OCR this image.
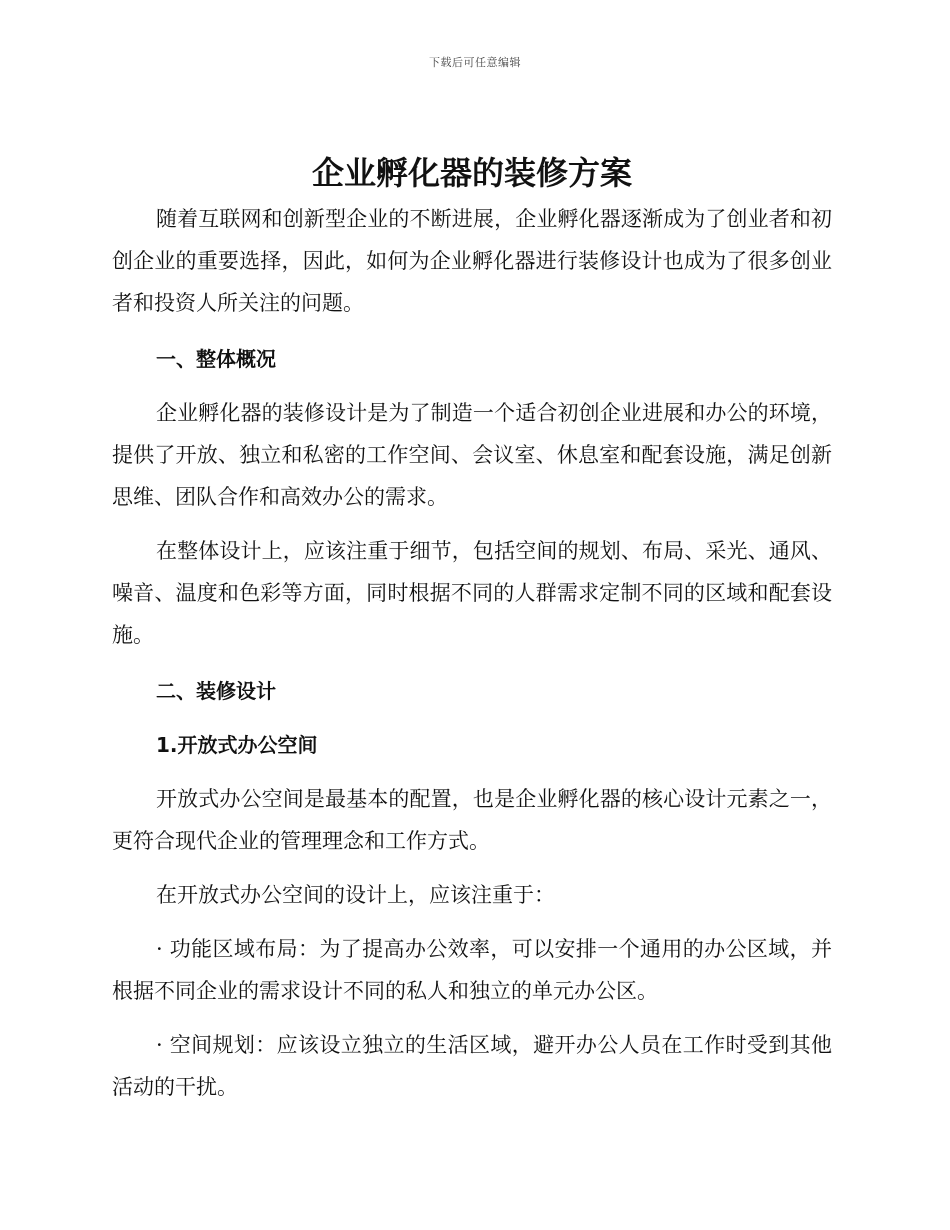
下载后可任意编辑
企业孵化器的装修方案

随着互联网和创新型企业的不断进展，企业孵化器逐渐成为了创业者和初创企业的重要选择，因此，如何为企业孵化器进行装修设计也成为了很多创业者和投资人所关注的问题。

一、整体概况

企业孵化器的装修设计是为了制造一个适合初创企业进展和办公的环境，提供了开放、独立和私密的工作空间、会议室、休息室和配套设施，满足创新思维、团队合作和高效办公的需求。

在整体设计上，应该注重于细节，包括空间的规划、布局、采光、通风、噪音、温度和色彩等方面，同时根据不同的人群需求定制不同的区域和配套设施。

二、装修设计

1.开放式办公空间

开放式办公空间是最基本的配置，也是企业孵化器的核心设计元素之一，更符合现代企业的管理理念和工作方式。

在开放式办公空间的设计上，应该注重于：

· 功能区域布局：为了提高办公效率，可以安排一个通用的办公区域，并根据不同企业的需求设计不同的私人和独立的单元办公区。

· 空间规划：应该设立独立的生活区域，避开办公人员在工作时受到其他活动的干扰。
